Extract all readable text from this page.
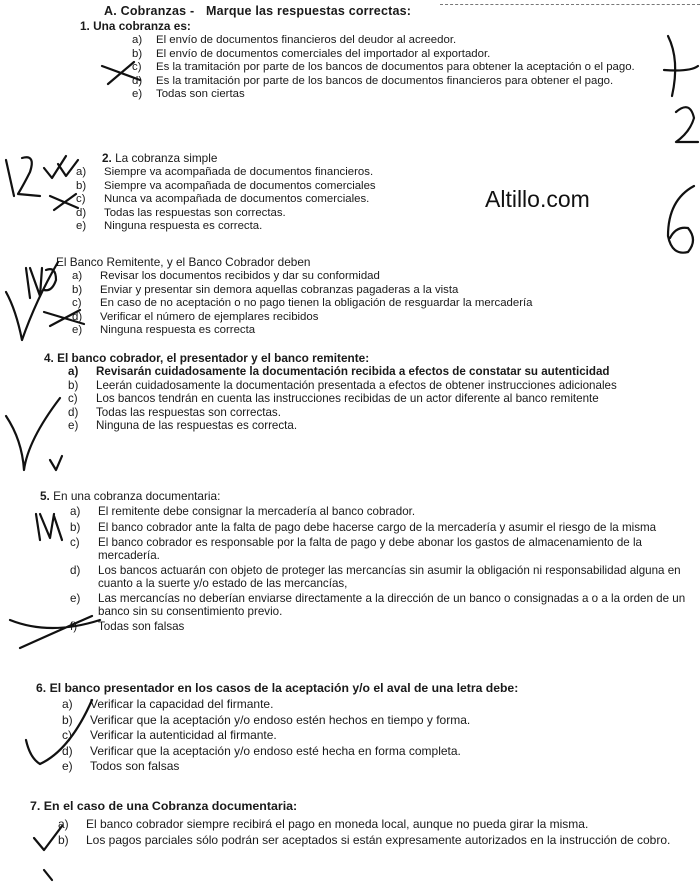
A. Cobranzas - Marque las respuestas correctas:
Altillo.com
1. Una cobranza es:
a) El envío de documentos financieros del deudor al acreedor.
b) El envío de documentos comerciales del importador al exportador.
c) Es la tramitación por parte de los bancos de documentos para obtener la aceptación o el pago.
d) Es la tramitación por parte de los bancos de documentos financieros para obtener el pago.
e) Todas son ciertas
2. La cobranza simple
a) Siempre va acompañada de documentos financieros.
b) Siempre va acompañada de documentos comerciales
c) Nunca va acompañada de documentos comerciales.
d) Todas las respuestas son correctas.
e) Ninguna respuesta es correcta.
El Banco Remitente, y el Banco Cobrador deben
a) Revisar los documentos recibidos y dar su conformidad
b) Enviar y presentar sin demora aquellas cobranzas pagaderas a la vista
c) En caso de no aceptación o no pago tienen la obligación de resguardar la mercadería
d) Verificar el número de ejemplares recibidos
e) Ninguna respuesta es correcta
4. El banco cobrador, el presentador y el banco remitente:
a) Revisarán cuidadosamente la documentación recibida a efectos de constatar su autenticidad
b) Leerán cuidadosamente la documentación presentada a efectos de obtener instrucciones adicionales
c) Los bancos tendrán en cuenta las instrucciones recibidas de un actor diferente al banco remitente
d) Todas las respuestas son correctas.
e) Ninguna de las respuestas es correcta.
5. En una cobranza documentaria:
a) El remitente debe consignar la mercadería al banco cobrador.
b) El banco cobrador ante la falta de pago debe hacerse cargo de la mercadería y asumir el riesgo de la misma
c) El banco cobrador es responsable por la falta de pago y debe abonar los gastos de almacenamiento de la mercadería.
d) Los bancos actuarán con objeto de proteger las mercancías sin asumir la obligación ni responsabilidad alguna en cuanto a la suerte y/o estado de las mercancías,
e) Las mercancías no deberían enviarse directamente a la dirección de un banco o consignadas a o a la orden de un banco sin su consentimiento previo.
f) Todas son falsas
6. El banco presentador en los casos de la aceptación y/o el aval de una letra debe:
a) Verificar la capacidad del firmante.
b) Verificar que la aceptación y/o endoso estén hechos en tiempo y forma.
c) Verificar la autenticidad al firmante.
d) Verificar que la aceptación y/o endoso esté hecha en forma completa.
e) Todos son falsas
7. En el caso de una Cobranza documentaria:
a) El banco cobrador siempre recibirá el pago en moneda local, aunque no pueda girar la misma.
b) Los pagos parciales sólo podrán ser aceptados si están expresamente autorizados en la instrucción de cobro.
